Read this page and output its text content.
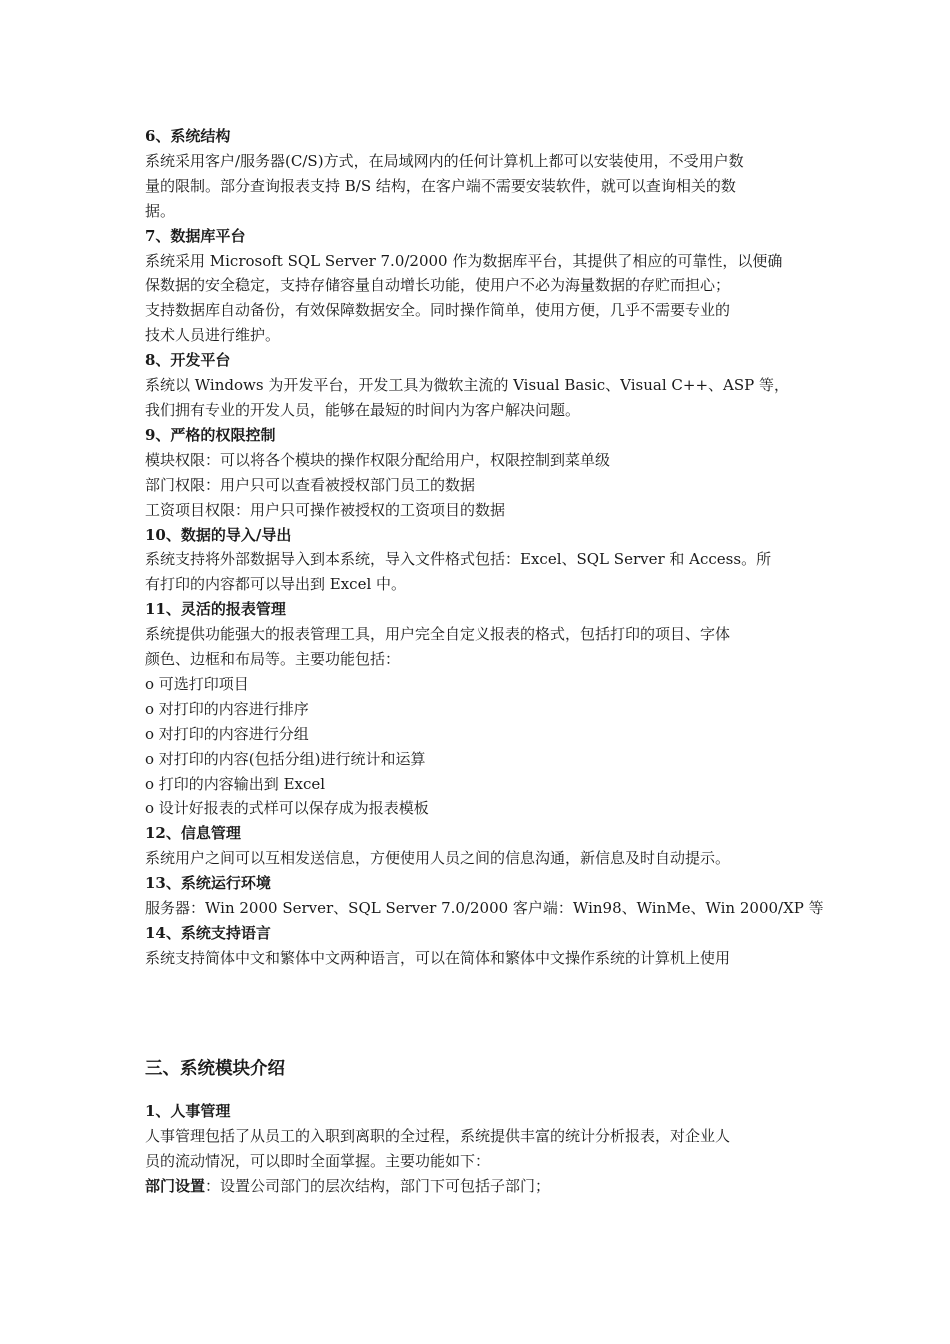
6、系统结构

系统采用客户/服务器(C/S)方式，在局域网内的任何计算机上都可以安装使用，不受用户数

量的限制。部分查询报表支持 B/S 结构，在客户端不需要安装软件，就可以查询相关的数

据。

7、数据库平台

系统采用 Microsoft SQL Server 7.0/2000 作为数据库平台，其提供了相应的可靠性，以便确

保数据的安全稳定，支持存储容量自动增长功能，使用户不必为海量数据的存贮而担心；

支持数据库自动备份，有效保障数据安全。同时操作简单，使用方便，几乎不需要专业的

技术人员进行维护。

8、开发平台

系统以 Windows 为开发平台，开发工具为微软主流的 Visual Basic、Visual C++、ASP 等，

我们拥有专业的开发人员，能够在最短的时间内为客户解决问题。

9、严格的权限控制

模块权限：可以将各个模块的操作权限分配给用户，权限控制到菜单级

部门权限：用户只可以查看被授权部门员工的数据

工资项目权限：用户只可操作被授权的工资项目的数据

10、数据的导入/导出

系统支持将外部数据导入到本系统，导入文件格式包括：Excel、SQL Server 和 Access。所

有打印的内容都可以导出到 Excel 中。

11、灵活的报表管理

系统提供功能强大的报表管理工具，用户完全自定义报表的格式，包括打印的项目、字体

颜色、边框和布局等。主要功能包括：

o 可选打印项目

o 对打印的内容进行排序

o 对打印的内容进行分组

o 对打印的内容(包括分组)进行统计和运算

o 打印的内容输出到 Excel

o 设计好报表的式样可以保存成为报表模板

12、信息管理

系统用户之间可以互相发送信息，方便使用人员之间的信息沟通，新信息及时自动提示。

13、系统运行环境

服务器：Win 2000 Server、SQL Server 7.0/2000 客户端：Win98、WinMe、Win 2000/XP 等

14、系统支持语言

系统支持简体中文和繁体中文两种语言，可以在简体和繁体中文操作系统的计算机上使用

三、系统模块介绍

1、人事管理

人事管理包括了从员工的入职到离职的全过程，系统提供丰富的统计分析报表，对企业人

员的流动情况，可以即时全面掌握。主要功能如下：

部门设置：设置公司部门的层次结构，部门下可包括子部门；
